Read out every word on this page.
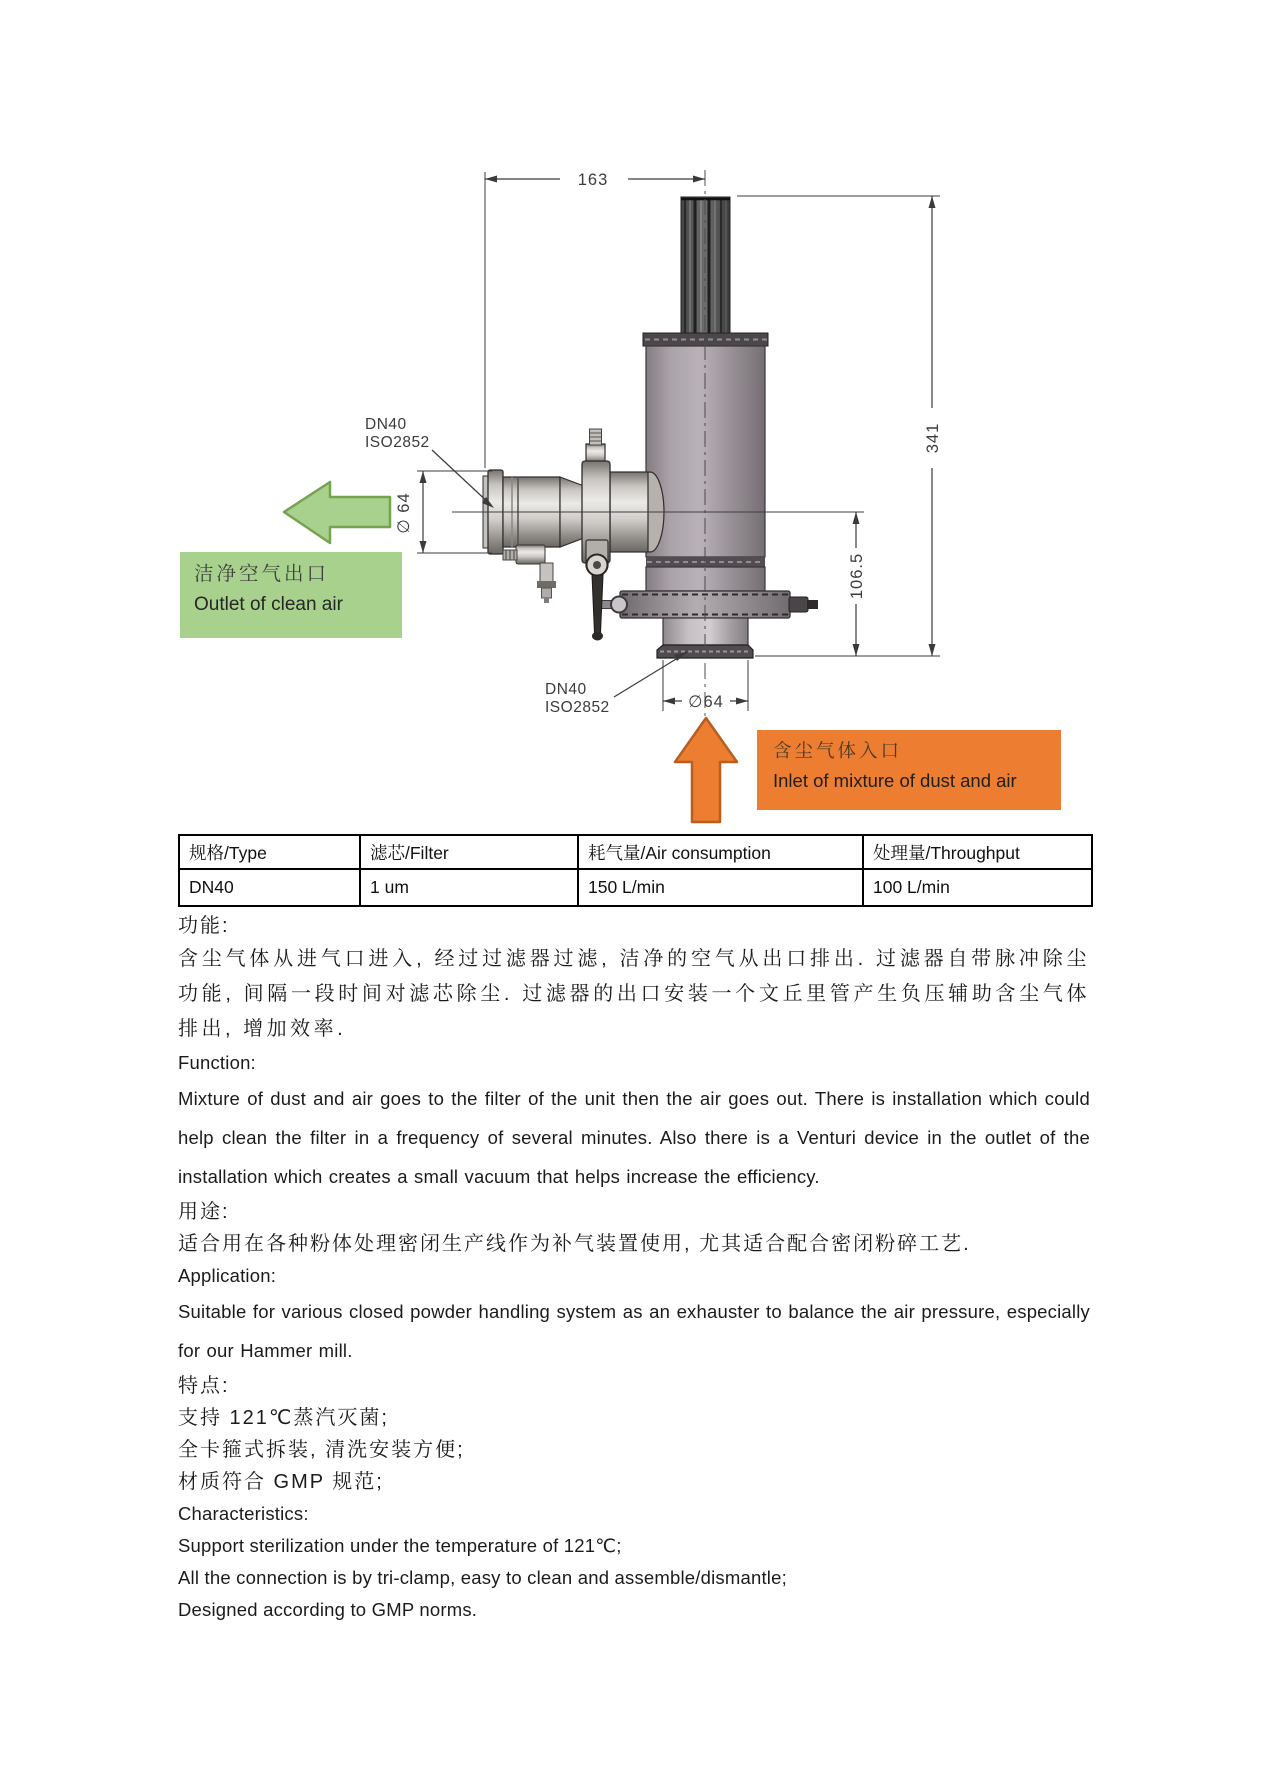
163
341
106.5
∅ 64
∅64
DN40
ISO2852
DN40
ISO2852
洁净空气出口
Outlet of clean air
含尘气体入口
Inlet of mixture of dust and air
规格/Type	滤芯/Filter	耗气量/Air consumption	处理量/Throughput
DN40	1 um	150 L/min	100 L/min

功能:

含尘气体从进气口进入, 经过过滤器过滤, 洁净的空气从出口排出. 过滤器自带脉冲除尘功能, 间隔一段时间对滤芯除尘. 过滤器的出口安装一个文丘里管产生负压辅助含尘气体排出, 增加效率.

Function:

Mixture of dust and air goes to the filter of the unit then the air goes out. There is installation which could help clean the filter in a frequency of several minutes. Also there is a Venturi device in the outlet of the installation which creates a small vacuum that helps increase the efficiency.

用途:

适合用在各种粉体处理密闭生产线作为补气装置使用, 尤其适合配合密闭粉碎工艺.

Application:

Suitable for various closed powder handling system as an exhauster to balance the air pressure, especially for our Hammer mill.

特点:

支持 121℃蒸汽灭菌;

全卡箍式拆装, 清洗安装方便;

材质符合 GMP 规范;

Characteristics:

Support sterilization under the temperature of 121℃;

All the connection is by tri-clamp, easy to clean and assemble/dismantle;

Designed according to GMP norms.
